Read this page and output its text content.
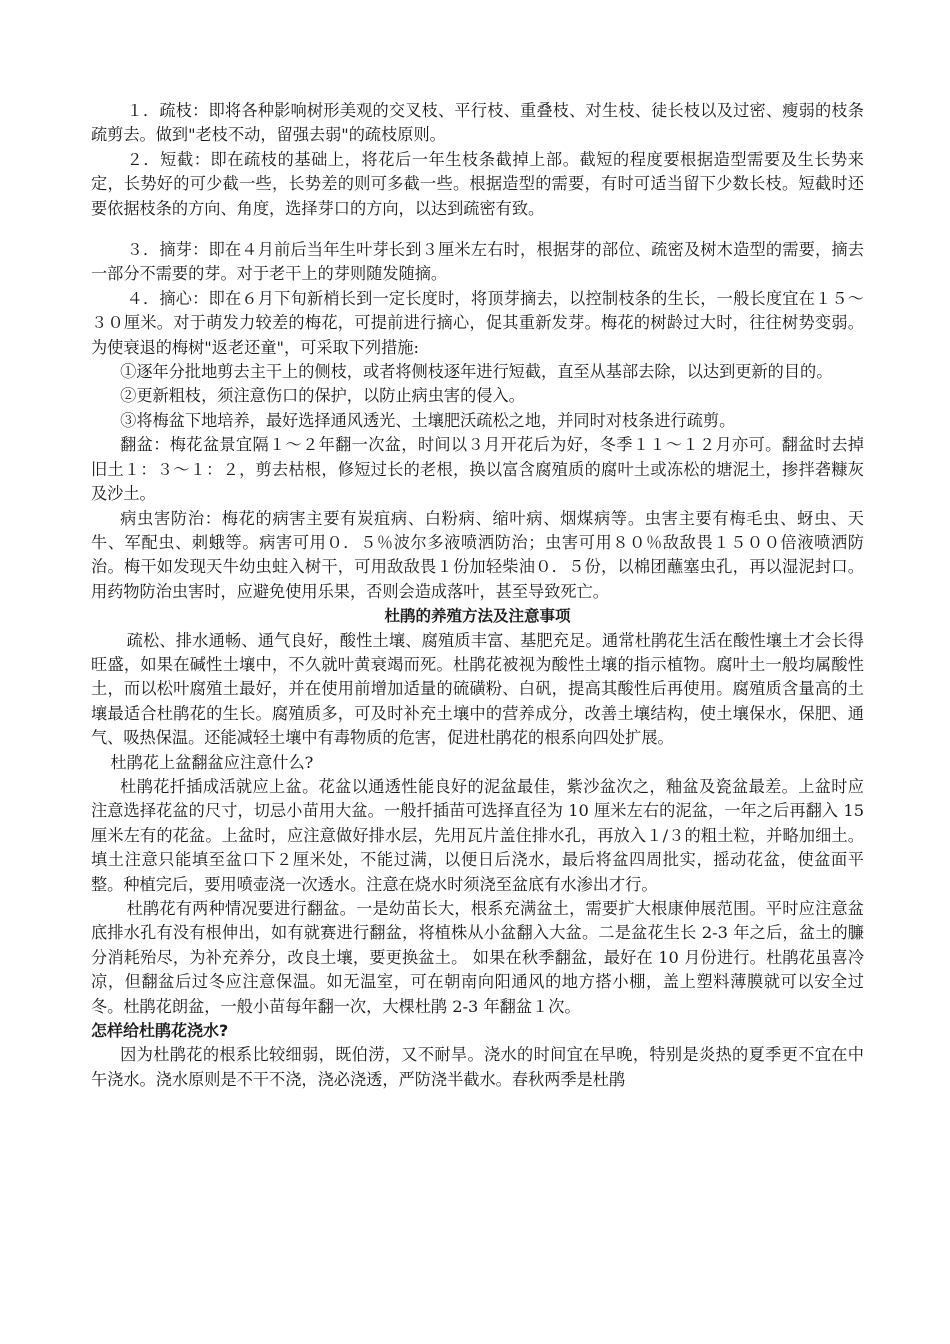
１．疏枝：即将各种影响树形美观的交叉枝、平行枝、重叠枝、对生枝、徒长枝以及过密、瘦弱的枝条疏剪去。做到"老枝不动，留强去弱"的疏枝原则。

２．短截：即在疏枝的基础上，将花后一年生枝条截掉上部。截短的程度要根据造型需要及生长势来定，长势好的可少截一些，长势差的则可多截一些。根据造型的需要，有时可适当留下少数长枝。短截时还要依据枝条的方向、角度，选择芽口的方向，以达到疏密有致。

３．摘芽：即在４月前后当年生叶芽长到３厘米左右时，根据芽的部位、疏密及树木造型的需要，摘去一部分不需要的芽。对于老干上的芽则随发随摘。

４．摘心：即在６月下旬新梢长到一定长度时，将顶芽摘去，以控制枝条的生长，一般长度宜在１５～３０厘米。对于萌发力较差的梅花，可提前进行摘心，促其重新发芽。梅花的树龄过大时，往往树势变弱。为使衰退的梅树"返老还童"，可采取下列措施:

①逐年分批地剪去主干上的侧枝，或者将侧枝逐年进行短截，直至从基部去除，以达到更新的目的。

②更新粗枝，须注意伤口的保护，以防止病虫害的侵入。

③将梅盆下地培养，最好选择通风透光、土壤肥沃疏松之地，并同时对枝条进行疏剪。

翻盆：梅花盆景宜隔１～２年翻一次盆，时间以３月开花后为好，冬季１１～１２月亦可。翻盆时去掉旧土１：３～１：２，剪去枯根，修短过长的老根，换以富含腐殖质的腐叶土或冻松的塘泥土，掺拌砻糠灰及沙土。

病虫害防治：梅花的病害主要有炭疽病、白粉病、缩叶病、烟煤病等。虫害主要有梅毛虫、蚜虫、天牛、军配虫、刺蛾等。病害可用０．５％波尔多液喷洒防治；虫害可用８０％敌敌畏１５００倍液喷洒防治。梅干如发现天牛幼虫蛀入树干，可用敌敌畏１份加轻柴油０．５份，以棉团蘸塞虫孔，再以湿泥封口。用药物防治虫害时，应避免使用乐果，否则会造成落叶，甚至导致死亡。

杜鹃的养殖方法及注意事项

疏松、排水通畅、通气良好，酸性土壤、腐殖质丰富、基肥充足。通常杜鹃花生活在酸性壤土才会长得旺盛，如果在碱性土壤中，不久就叶黄衰竭而死。杜鹃花被视为酸性土壤的指示植物。腐叶土一般均属酸性土，而以松叶腐殖土最好，并在使用前增加适量的硫磺粉、白矾，提高其酸性后再使用。腐殖质含量高的土壤最适合杜鹃花的生长。腐殖质多，可及时补充土壤中的营养成分，改善土壤结构，使土壤保水，保肥、通气、吸热保温。还能减轻土壤中有毒物质的危害，促进杜鹃花的根系向四处扩展。

杜鹃花上盆翻盆应注意什么?

杜鹃花扦插成活就应上盆。花盆以通透性能良好的泥盆最佳，紫沙盆次之，釉盆及瓷盆最差。上盆时应注意选择花盆的尺寸，切忌小苗用大盆。一般扦插苗可选择直径为 10 厘米左右的泥盆，一年之后再翻入 15 厘米左有的花盆。上盆时，应注意做好排水层，先用瓦片盖住排水孔，再放入１/３的粗土粒，并略加细土。填土注意只能填至盆口下２厘米处，不能过满，以便日后浇水，最后将盆四周批实，摇动花盆，使盆面平整。种植完后，要用喷壶浇一次透水。注意在烧水时须浇至盆底有水渗出才行。

杜鹃花有两种情况要进行翻盆。一是幼苗长大，根系充满盆土，需要扩大根康伸展范围。平时应注意盆底排水孔有没有根伸出，如有就赛进行翻盆，将植株从小盆翻入大盆。二是盆花生长 2-3 年之后，盆土的臁分消耗殆尽，为补充养分，改良土壤，要更换盆土。 如果在秋季翻盆，最好在 10 月份进行。杜鹃花虽喜冷凉，但翻盆后过冬应注意保温。如无温室，可在朝南向阳通风的地方搭小棚，盖上塑料薄膜就可以安全过冬。杜鹃花朗盆，一般小苗每年翻一次，大棵杜鹃 2-3 年翻盆１次。

怎样给杜鹃花浇水?

因为杜鹃花的根系比较细弱，既伯涝，又不耐旱。浇水的时间宜在早晚，特别是炎热的夏季更不宜在中午浇水。浇水原则是不干不浇，浇必浇透，严防浇半截水。春秋两季是杜鹃
